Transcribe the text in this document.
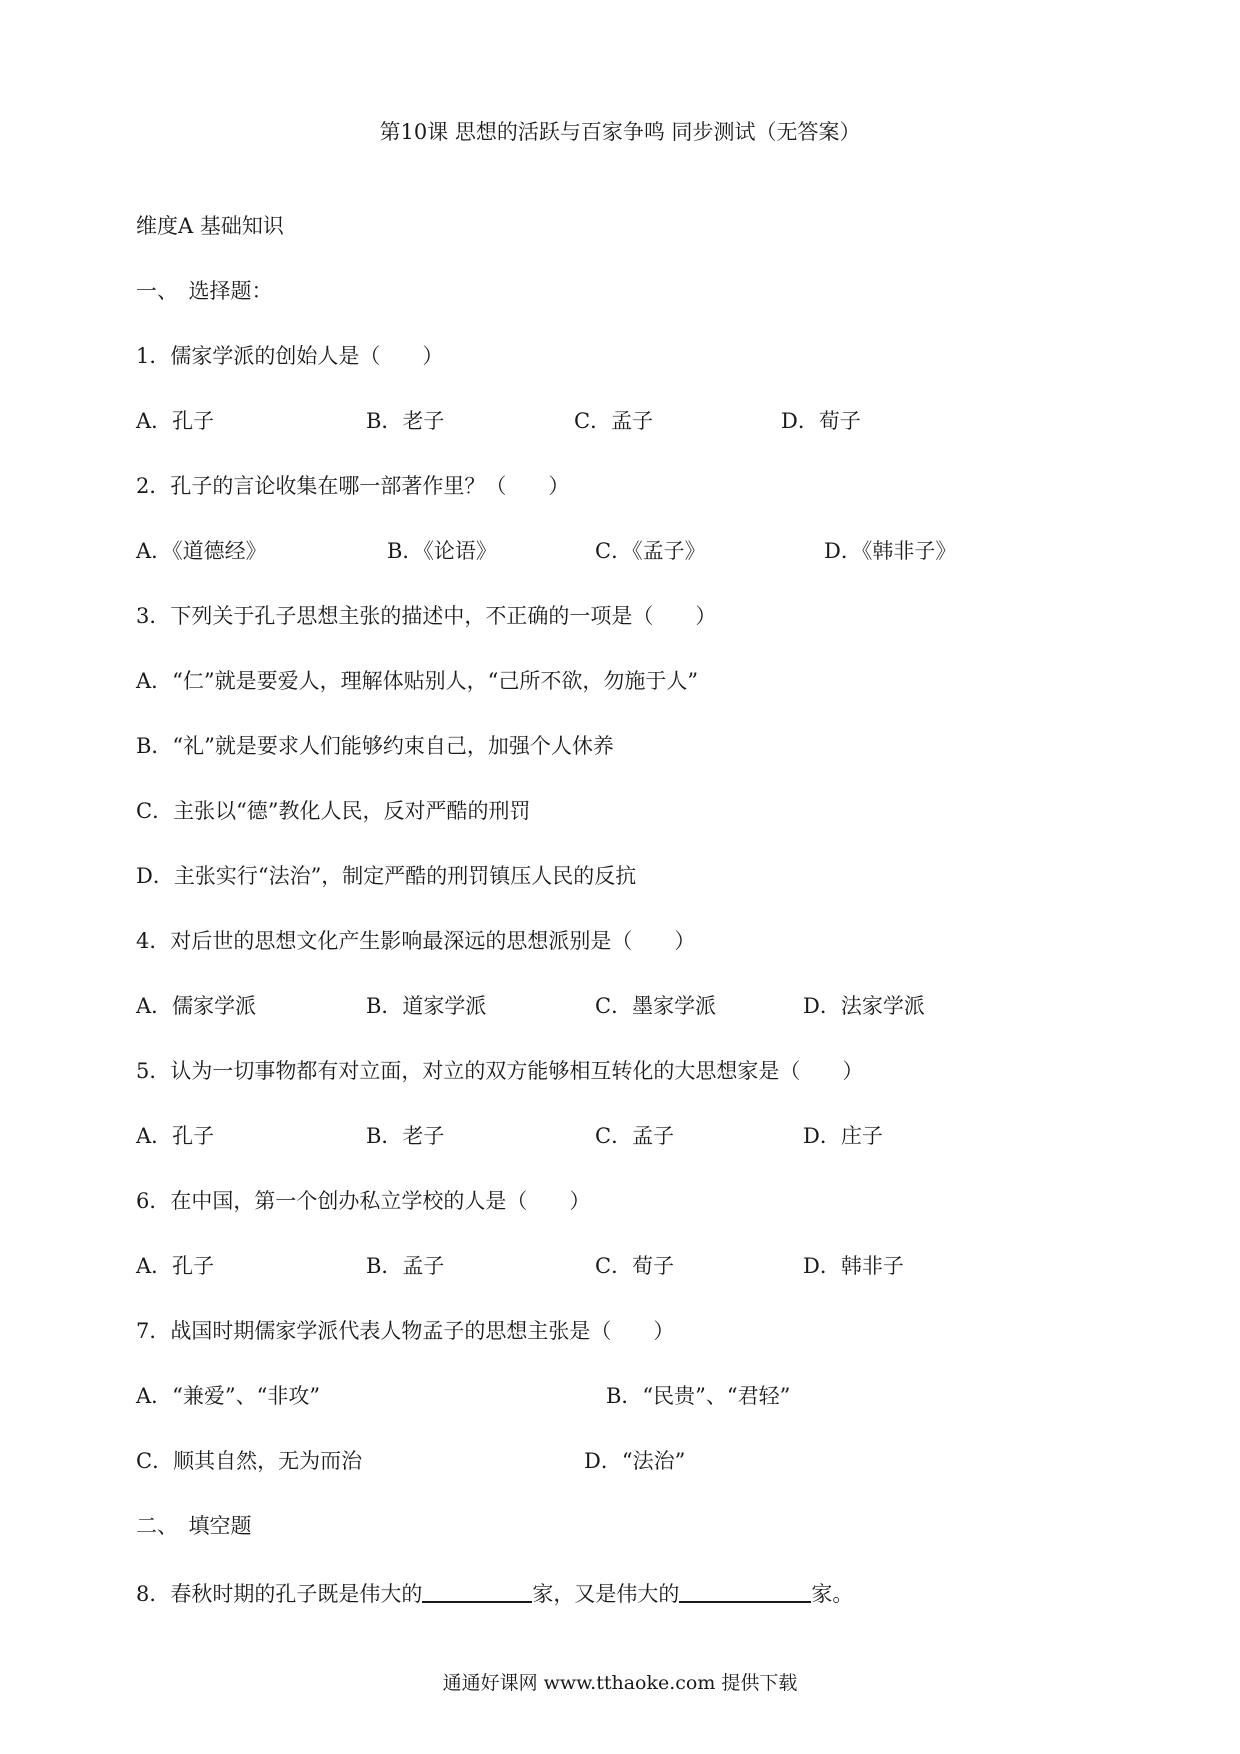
第10课 思想的活跃与百家争鸣 同步测试（无答案）
维度A 基础知识
一、　选择题：
1．儒家学派的创始人是（　　）
A．孔子	B．老子	C．孟子	D．荀子
2．孔子的言论收集在哪一部著作里？（　　）
A．《道德经》	B．《论语》	C．《孟子》	D．《韩非子》
3．下列关于孔子思想主张的描述中，不正确的一项是（　　）
A．“仁”就是要爱人，理解体贴别人，“己所不欲，勿施于人”
B．“礼”就是要求人们能够约束自己，加强个人休养
C．主张以“德”教化人民，反对严酷的刑罚
D．主张实行“法治”，制定严酷的刑罚镇压人民的反抗
4．对后世的思想文化产生影响最深远的思想派别是（　　）
A．儒家学派	B．道家学派	C．墨家学派	D．法家学派
5．认为一切事物都有对立面，对立的双方能够相互转化的大思想家是（　　）
A．孔子	B．老子	C．孟子	D．庄子
6．在中国，第一个创办私立学校的人是（　　）
A．孔子	B．孟子	C．荀子	D．韩非子
7．战国时期儒家学派代表人物孟子的思想主张是（　　）
A．“兼爱”、“非攻”	B．“民贵”、“君轻”
C．顺其自然，无为而治	D．“法治”
二、　填空题
8．春秋时期的孔子既是伟大的	家，又是伟大的	家。
通通好课网 www.tthaoke.com 提供下载
